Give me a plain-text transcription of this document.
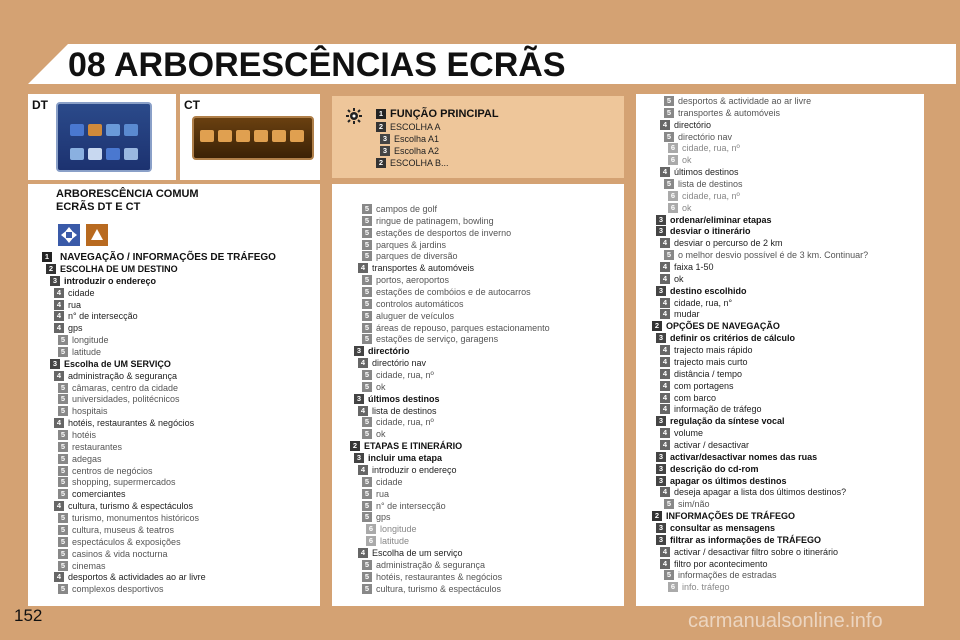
08 ARBORESCÊNCIAS ECRÃS
DT	CT
1 FUNÇÃO PRINCIPAL
2 ESCOLHA A
3 Escolha A1
3 Escolha A2
2 ESCOLHA B...
ARBORESCÊNCIA COMUM
ECRÃS DT E CT
1 NAVEGAÇÃO / INFORMAÇÕES DE TRÁFEGO
2 ESCOLHA DE UM DESTINO
3 introduzir o endereço
4 cidade
4 rua
4 n° de intersecção
4 gps
5 longitude
5 latitude
3 Escolha de UM SERVIÇO
4 administração & segurança
5 câmaras, centro da cidade
5 universidades, politécnicos
5 hospitais
4 hotéis, restaurantes & negócios
5 hotéis
5 restaurantes
5 adegas
5 centros de negócios
5 shopping, supermercados
5 comerciantes
4 cultura, turismo & espectáculos
5 turismo, monumentos históricos
5 cultura, museus & teatros
5 espectáculos & exposições
5 casinos & vida nocturna
5 cinemas
4 desportos & actividades ao ar livre
5 complexos desportivos
5 campos de golf
5 ringue de patinagem, bowling
5 estações de desportos de inverno
5 parques & jardins
5 parques de diversão
4 transportes & automóveis
5 portos, aeroportos
5 estações de combóios e de autocarros
5 controlos automáticos
5 aluguer de veículos
5 áreas de repouso, parques estacionamento
5 estações de serviço, garagens
3 directório
4 directório nav
5 cidade, rua, nº
5 ok
3 últimos destinos
4 lista de destinos
5 cidade, rua, nº
5 ok
2 ETAPAS E ITINERÁRIO
3 incluir uma etapa
4 introduzir o endereço
5 cidade
5 rua
5 n° de intersecção
5 gps
6 longitude
6 latitude
4 Escolha de um serviço
5 administração & segurança
5 hotéis, restaurantes & negócios
5 cultura, turismo & espectáculos
5 desportos & actividade ao ar livre
5 transportes & automóveis
4 directório
5 directório nav
6 cidade, rua, nº
6 ok
4 últimos destinos
5 lista de destinos
6 cidade, rua, nº
6 ok
3 ordenar/eliminar etapas
3 desviar o itinerário
4 desviar o percurso de 2 km
5 o melhor desvio possível é de 3 km. Continuar?
4 faixa 1-50
4 ok
3 destino escolhido
4 cidade, rua, n°
4 mudar
2 OPÇÕES DE NAVEGAÇÃO
3 definir os critérios de cálculo
4 trajecto mais rápido
4 trajecto mais curto
4 distância / tempo
4 com portagens
4 com barco
4 informação de tráfego
3 regulação da síntese vocal
4 volume
4 activar / desactivar
3 activar/desactivar nomes das ruas
3 descrição do cd-rom
3 apagar os últimos destinos
4 deseja apagar a lista dos últimos destinos?
5 sim/não
2 INFORMAÇÕES DE TRÁFEGO
3 consultar as mensagens
3 filtrar as informações de TRÁFEGO
4 activar / desactivar filtro sobre o itinerário
4 filtro por acontecimento
5 informações de estradas
6 info. tráfego
152	carmanualsonline.info
